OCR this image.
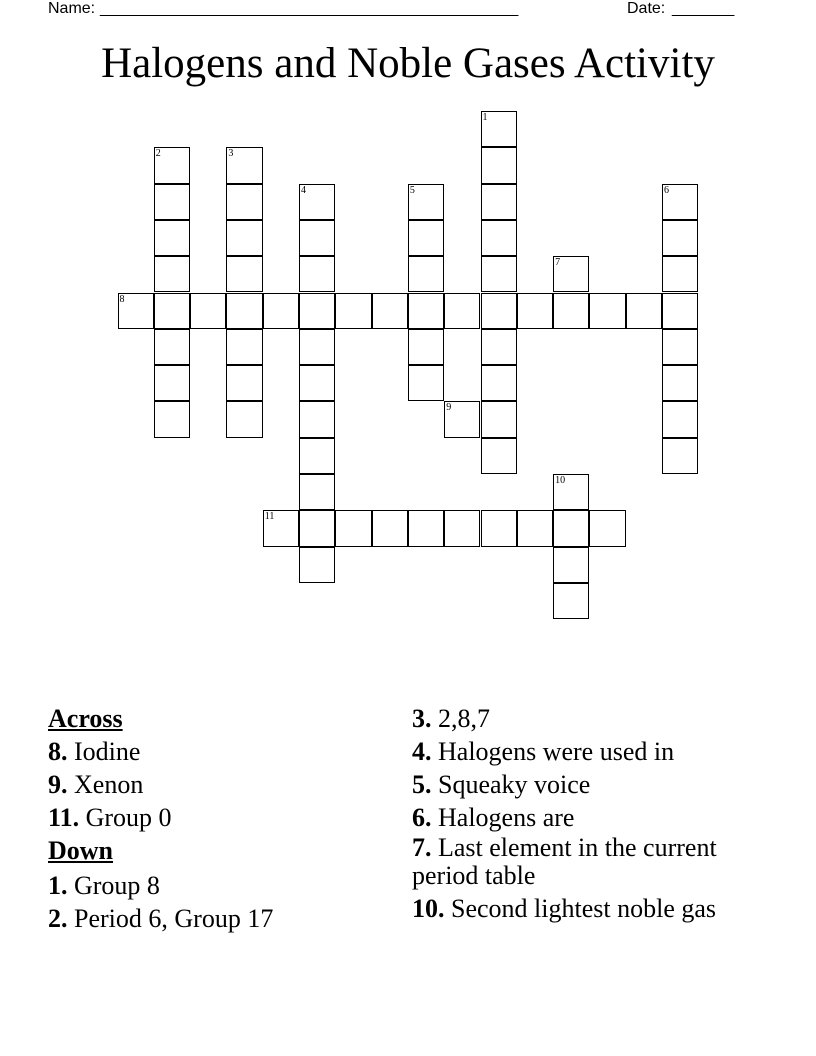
Name: _______________________________________________	Date: _______
Halogens and Noble Gases Activity
1
2	3
4	5	6
7
8
9
10
11
Across
8. Iodine
9. Xenon
11. Group 0
Down
1. Group 8
2. Period 6, Group 17
3. 2,8,7
4. Halogens were used in
5. Squeaky voice
6. Halogens are
7. Last element in the current period table
10. Second lightest noble gas
